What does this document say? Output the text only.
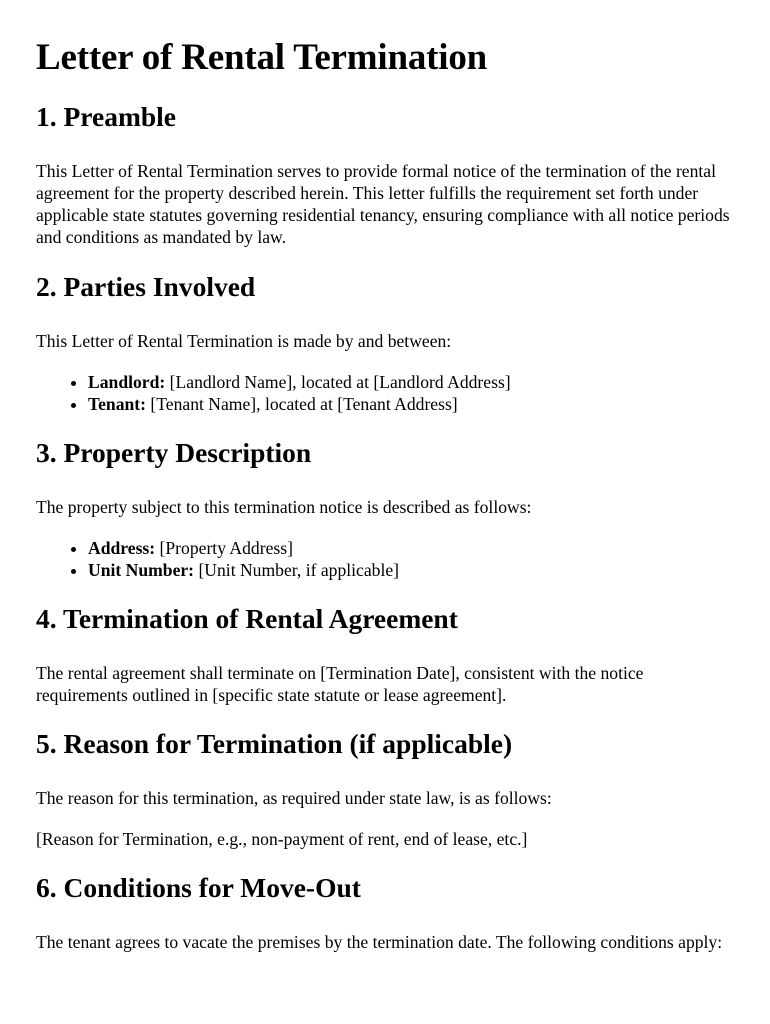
Letter of Rental Termination
1. Preamble

This Letter of Rental Termination serves to provide formal notice of the termination of the rental agreement for the property described herein. This letter fulfills the requirement set forth under applicable state statutes governing residential tenancy, ensuring compliance with all notice periods and conditions as mandated by law.

2. Parties Involved

This Letter of Rental Termination is made by and between:

• Landlord: [Landlord Name], located at [Landlord Address]
• Tenant: [Tenant Name], located at [Tenant Address]
3. Property Description

The property subject to this termination notice is described as follows:

• Address: [Property Address]
• Unit Number: [Unit Number, if applicable]
4. Termination of Rental Agreement

The rental agreement shall terminate on [Termination Date], consistent with the notice requirements outlined in [specific state statute or lease agreement].

5. Reason for Termination (if applicable)

The reason for this termination, as required under state law, is as follows:

[Reason for Termination, e.g., non-payment of rent, end of lease, etc.]

6. Conditions for Move-Out

The tenant agrees to vacate the premises by the termination date. The following conditions apply:
